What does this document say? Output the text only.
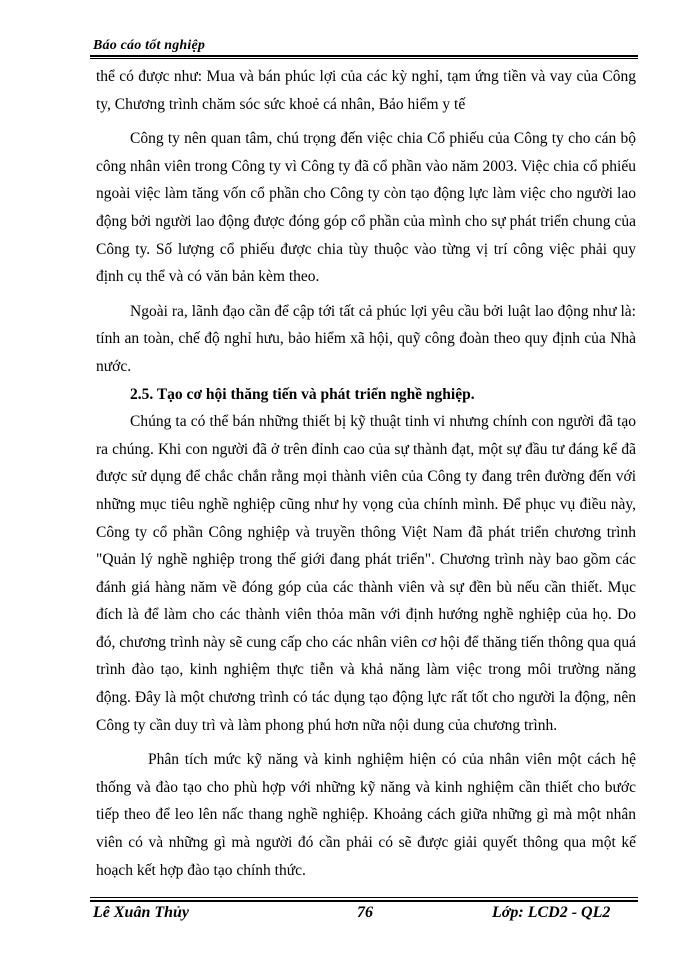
Báo cáo tốt nghiệp

thể có được như: Mua và bán phúc lợi của các kỳ nghỉ, tạm ứng tiền và vay của Công ty, Chương trình chăm sóc sức khoẻ cá nhân, Bảo hiểm y tế

Công ty nên quan tâm, chú trọng đến việc chia Cổ phiếu của Công ty cho cán bộ công nhân viên trong Công ty vì Công ty đã cổ phần vào năm 2003. Việc chia cổ phiếu ngoài việc làm tăng vốn cổ phần cho Công ty còn tạo động lực làm việc cho người lao động bởi người lao động được đóng góp cổ phần của mình cho sự phát triển chung của Công ty. Số lượng cổ phiếu được chia tùy thuộc vào từng vị trí công việc phải quy định cụ thể và có văn bản kèm theo.

Ngoài ra, lãnh đạo cần để cập tới tất cả phúc lợi yêu cầu bởi luật lao động như là: tính an toàn, chế độ nghỉ hưu, bảo hiểm xã hội, quỹ công đoàn theo quy định của Nhà nước.

2.5. Tạo cơ hội thăng tiến và phát triển nghề nghiệp.

Chúng ta có thể bán những thiết bị kỹ thuật tinh vi nhưng chính con người đã tạo ra chúng. Khi con người đã ở trên đỉnh cao của sự thành đạt, một sự đầu tư đáng kể đã được sử dụng để chắc chắn rằng mọi thành viên của Công ty đang trên đường đến với những mục tiêu nghề nghiệp cũng như hy vọng của chính mình. Để phục vụ điều này, Công ty cổ phần Công nghiệp và truyền thông Việt Nam đã phát triển chương trình "Quản lý nghề nghiệp trong thế giới đang phát triển". Chương trình này bao gồm các đánh giá hàng năm về đóng góp của các thành viên và sự đền bù nếu cần thiết. Mục đích là để làm cho các thành viên thỏa mãn với định hướng nghề nghiệp của họ. Do đó, chương trình này sẽ cung cấp cho các nhân viên cơ hội để thăng tiến thông qua quá trình đào tạo, kinh nghiệm thực tiễn và khả năng làm việc trong môi trường năng động. Đây là một chương trình có tác dụng tạo động lực rất tốt cho người la động, nên Công ty cần duy trì và làm phong phú hơn nữa nội dung của chương trình.

Phân tích mức kỹ năng và kinh nghiệm hiện có của nhân viên một cách hệ thống và đào tạo cho phù hợp với những kỹ năng và kinh nghiệm cần thiết cho bước tiếp theo để leo lên nấc thang nghề nghiệp. Khoảng cách giữa những gì mà một nhân viên có và những gì mà người đó cần phải có sẽ được giải quyết thông qua một kế hoạch kết hợp đào tạo chính thức.

Lê Xuân Thủy	76	Lớp: LCD2 - QL2
